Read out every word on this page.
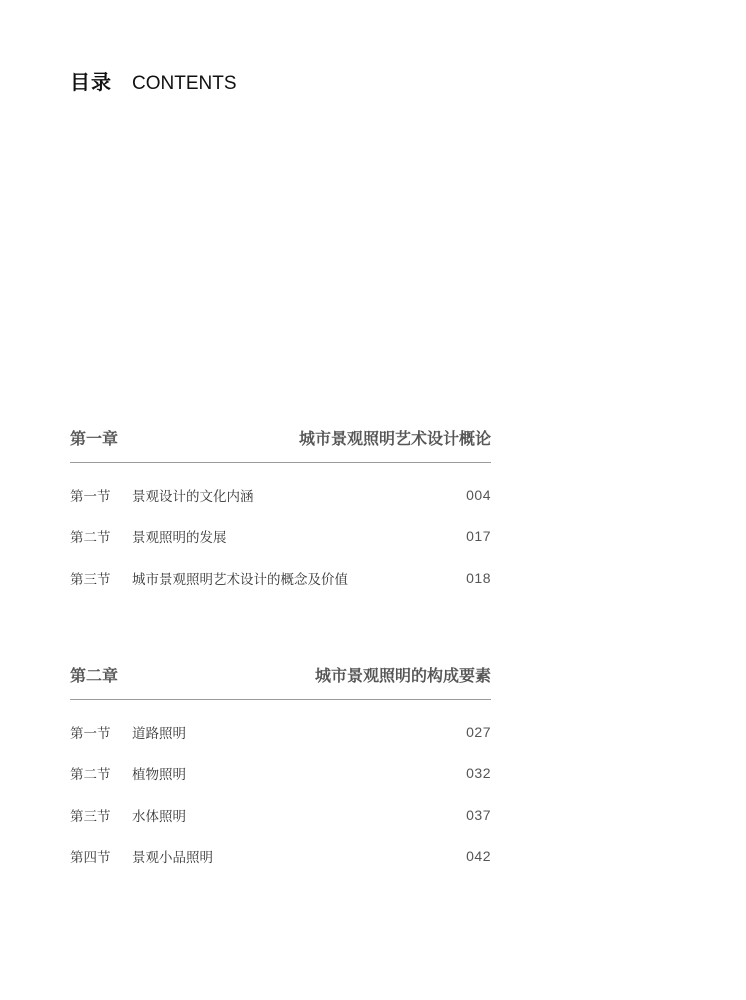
目录 CONTENTS
第一章	城市景观照明艺术设计概论
第一节	景观设计的文化内涵	004
第二节	景观照明的发展	017
第三节	城市景观照明艺术设计的概念及价值	018
第二章	城市景观照明的构成要素
第一节	道路照明	027
第二节	植物照明	032
第三节	水体照明	037
第四节	景观小品照明	042
